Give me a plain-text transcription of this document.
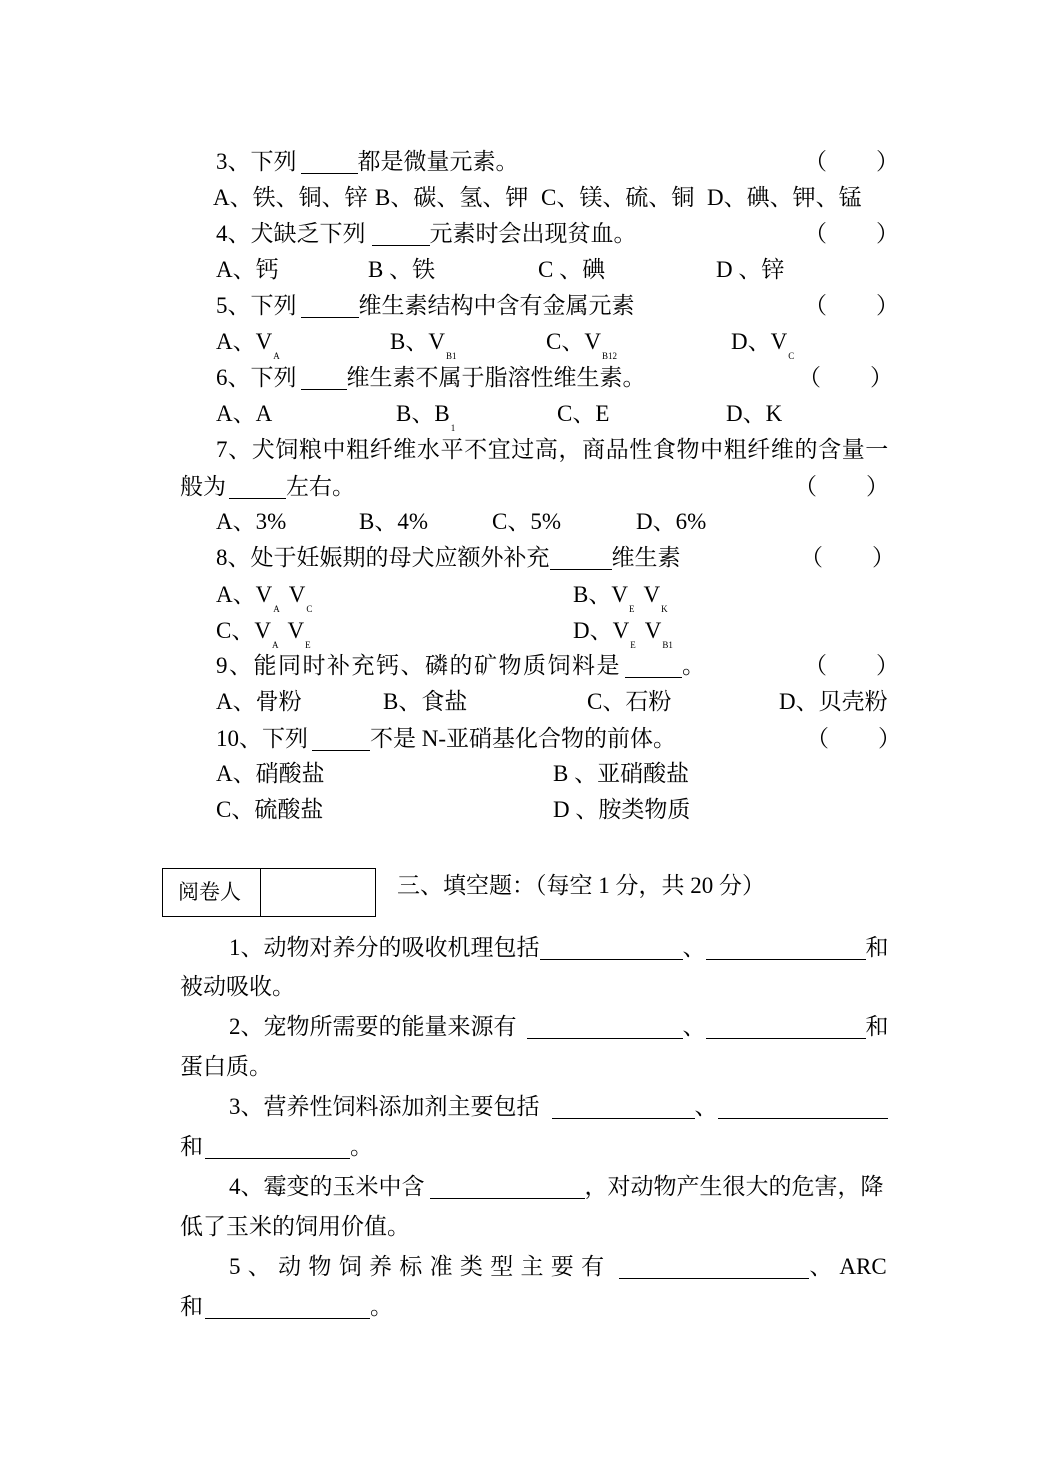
3、下列	都是微量元素。	（ ）
A、铁、铜、锌 B、碳、氢、钾 C、镁、硫、铜 D、碘、钾、锰
4、犬缺乏下列	元素时会出现贫血。	（ ）
A、钙	B 、铁	C 、碘	D 、锌
5、下列	维生素结构中含有金属元素	（ ）
A、$V_A$
B、$V_{B1}$
C、$V_{B12}$
D、$V_C$
6、下列 维生素不属于脂溶性维生素。	（ ）
A、A	B、$B_1$
C、E	D、K
7、犬饲粮中粗纤维水平不宜过高，商品性食物中粗纤维的含量一
般为	左右。	（ ）
A、3%	B、4%	C、5%	D、6%
8、处于妊娠期的母犬应额外补充	维生素	（ ）
A、$V_AV_C$
B、$V_EV_K$
C、$V_AV_E$
D、$V_EV_{B1}$
9、能同时补充钙、磷的矿物质饲料是	。	（ ）
A、骨粉	B、食盐	C、石粉	D、贝壳粉
10、下列	不是 N-亚硝基化合物的前体。	（ ）
A、硝酸盐	B 、亚硝酸盐
C、硫酸盐	D 、胺类物质
阅卷人	三、填空题：（每空 1 分，共 20 分）
1、动物对养分的吸收机理包括	、	和
被动吸收。
2、宠物所需要的能量来源有	、	和
蛋白质。
3、营养性饲料添加剂主要包括	、
和	。
4、霉变的玉米中含	，对动物产生很大的危害，降
低了玉米的饲用价值。
5、动物饲养标准类型主要有	、 ARC
和	。
